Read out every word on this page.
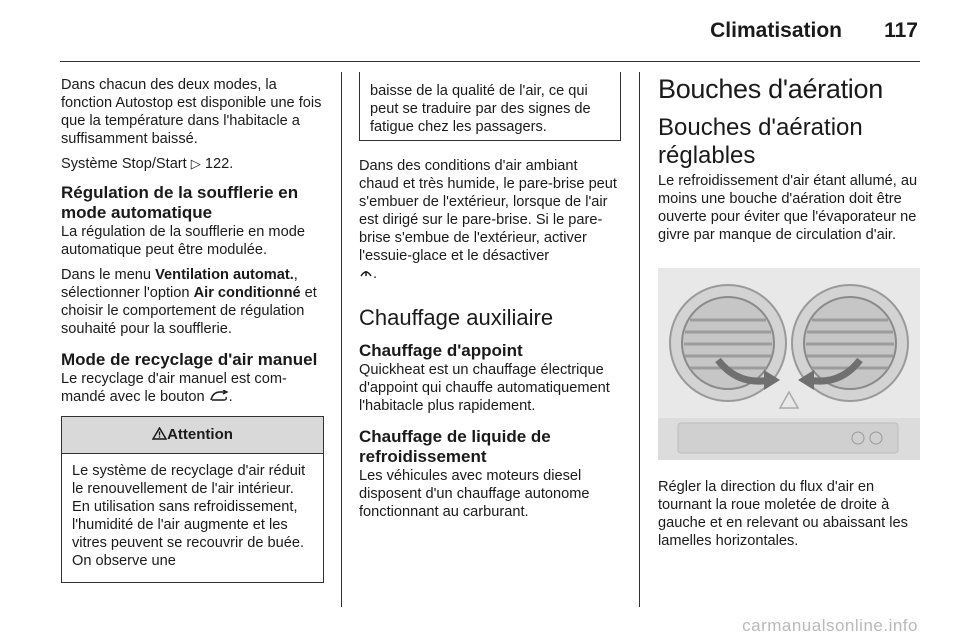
Climatisation 117

Dans chacun des deux modes, la fonction Autostop est disponible une fois que la température dans l'habitacle a suffisamment baissé.

Système Stop/Start ▷ 122.

Régulation de la soufflerie en mode automatique

La régulation de la soufflerie en mode automatique peut être modulée.

Dans le menu Ventilation automat., sélectionner l'option Air conditionné et choisir le comportement de régulation souhaité pour la soufflerie.

Mode de recyclage d'air manuel

Le recyclage d'air manuel est commandé avec le bouton .

Attention
Le système de recyclage d'air réduit le renouvellement de l'air intérieur. En utilisation sans refroidissement, l'humidité de l'air augmente et les vitres peuvent se recouvrir de buée. On observe une
baisse de la qualité de l'air, ce qui peut se traduire par des signes de fatigue chez les passagers.

Dans des conditions d'air ambiant chaud et très humide, le pare-brise peut s'embuer de l'extérieur, lorsque de l'air est dirigé sur le pare-brise. Si le pare-brise s'embue de l'extérieur, activer l'essuie-glace et le désactiver
.

Chauffage auxiliaire
Chauffage d'appoint

Quickheat est un chauffage électrique d'appoint qui chauffe automatiquement l'habitacle plus rapidement.

Chauffage de liquide de refroidissement

Les véhicules avec moteurs diesel disposent d'un chauffage autonome fonctionnant au carburant.

Bouches d'aération
Bouches d'aération réglables

Le refroidissement d'air étant allumé, au moins une bouche d'aération doit être ouverte pour éviter que l'évaporateur ne givre par manque de circulation d'air.

Régler la direction du flux d'air en tournant la roue moletée de droite à gauche et en relevant ou abaissant les lamelles horizontales.

carmanualsonline.info
